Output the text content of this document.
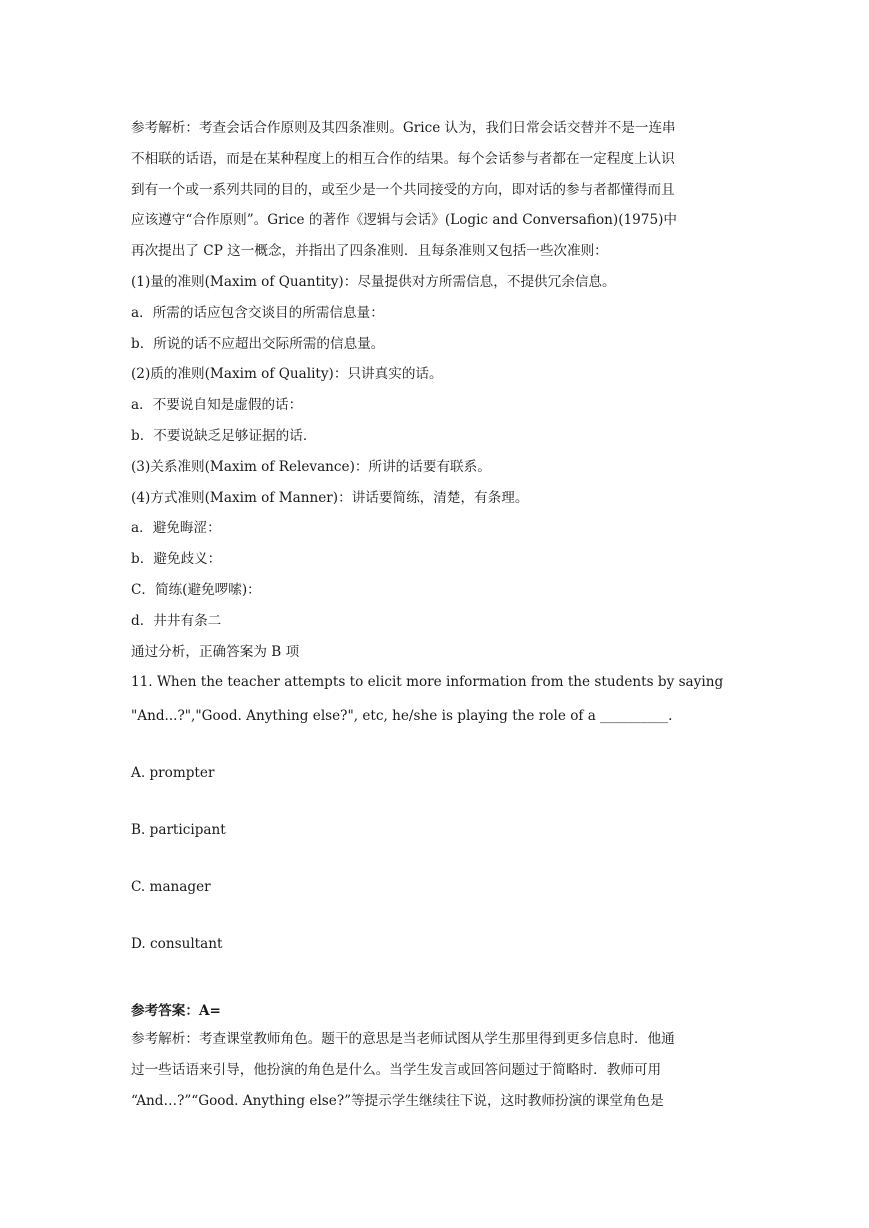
参考解析：考查会话合作原则及其四条准则。Grice 认为，我们日常会话交替并不是一连串
不相联的话语，而是在某种程度上的相互合作的结果。每个会话参与者都在一定程度上认识
到有一个或一系列共同的目的，或至少是一个共同接受的方向，即对话的参与者都懂得而且
应该遵守“合作原则”。Grice 的著作《逻辑与会话》(Logic and Conversafion)(1975)中
再次提出了 CP 这一概念，并指出了四条准则．且每条准则又包括一些次准则：
(1)量的准则(Maxim of Quantity)：尽量提供对方所需信息，不提供冗余信息。
a．所需的话应包含交谈目的所需信息量：
b．所说的话不应超出交际所需的信息量。
(2)质的准则(Maxim of Quality)：只讲真实的话。
a．不要说自知是虚假的话：
b．不要说缺乏足够证据的话．
(3)关系准则(Maxim of Relevance)：所讲的话要有联系。
(4)方式准则(Maxim of Manner)：讲话要简练，清楚，有条理。
a．避免晦涩：
b．避免歧义：
C．简练(避免啰嗦)：
d．井井有条二
通过分析，正确答案为 B 项
11. When the teacher attempts to elicit more information from the students by saying
"And...?","Good. Anything else?", etc, he/she is playing the role of a __________.
A. prompter
B. participant
C. manager
D. consultant
参考答案：A=
参考解析：考查课堂教师角色。题干的意思是当老师试图从学生那里得到更多信息时．他通
过一些话语来引导，他扮演的角色是什么。当学生发言或回答问题过于简略时．教师可用
“And…?”“Good. Anything else?”等提示学生继续往下说，这时教师扮演的课堂角色是
